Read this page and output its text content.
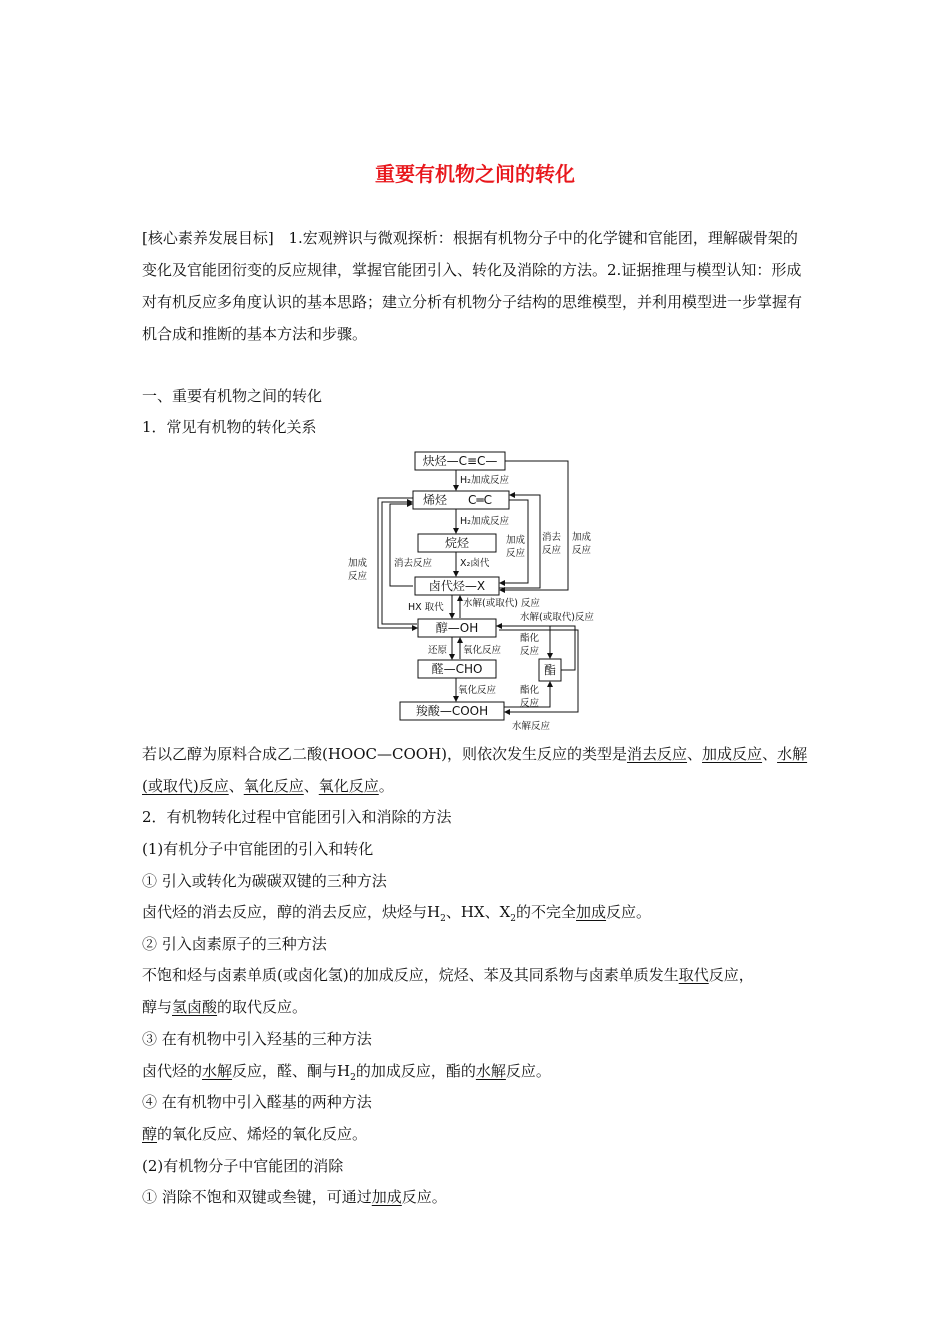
重要有机物之间的转化
[核心素养发展目标] 1.宏观辨识与微观探析：根据有机物分子中的化学键和官能团，理解碳骨架的变化及官能团衍变的反应规律，掌握官能团引入、转化及消除的方法。2.证据推理与模型认知：形成对有机反应多角度认识的基本思路；建立分析有机物分子结构的思维模型，并利用模型进一步掌握有机合成和推断的基本方法和步骤。
一、重要有机物之间的转化
1．常见有机物的转化关系
炔烃—C≡C—
烯烃 C═C
烷烃
卤代烃—X
醇—OH
醛—CHO
羧酸—COOH
酯
H₂加成反应
H₂加成反应
X₂卤代
消去反应
加成
反应
加成
反应
消去
反应
加成
反应
HX 取代 水解(或取代) 反应
水解(或取代)反应
还原 氧化反应
酯化
反应
氧化反应	酯化
反应
水解反应
若以乙醇为原料合成乙二酸(HOOC—COOH)，则依次发生反应的类型是消去反应、加成反应、水解(或取代)反应、氧化反应、氧化反应。
2．有机物转化过程中官能团引入和消除的方法
(1)有机分子中官能团的引入和转化
① 引入或转化为碳碳双键的三种方法
卤代烃的消去反应，醇的消去反应，炔烃与$H_2$、HX、$X_2$的不完全加成反应。
② 引入卤素原子的三种方法
不饱和烃与卤素单质(或卤化氢)的加成反应，烷烃、苯及其同系物与卤素单质发生取代反应，
醇与氢卤酸的取代反应。
③ 在有机物中引入羟基的三种方法
卤代烃的水解反应，醛、酮与$H_2$的加成反应，酯的水解反应。
④ 在有机物中引入醛基的两种方法
醇的氧化反应、烯烃的氧化反应。
(2)有机物分子中官能团的消除
① 消除不饱和双键或叁键，可通过加成反应。
